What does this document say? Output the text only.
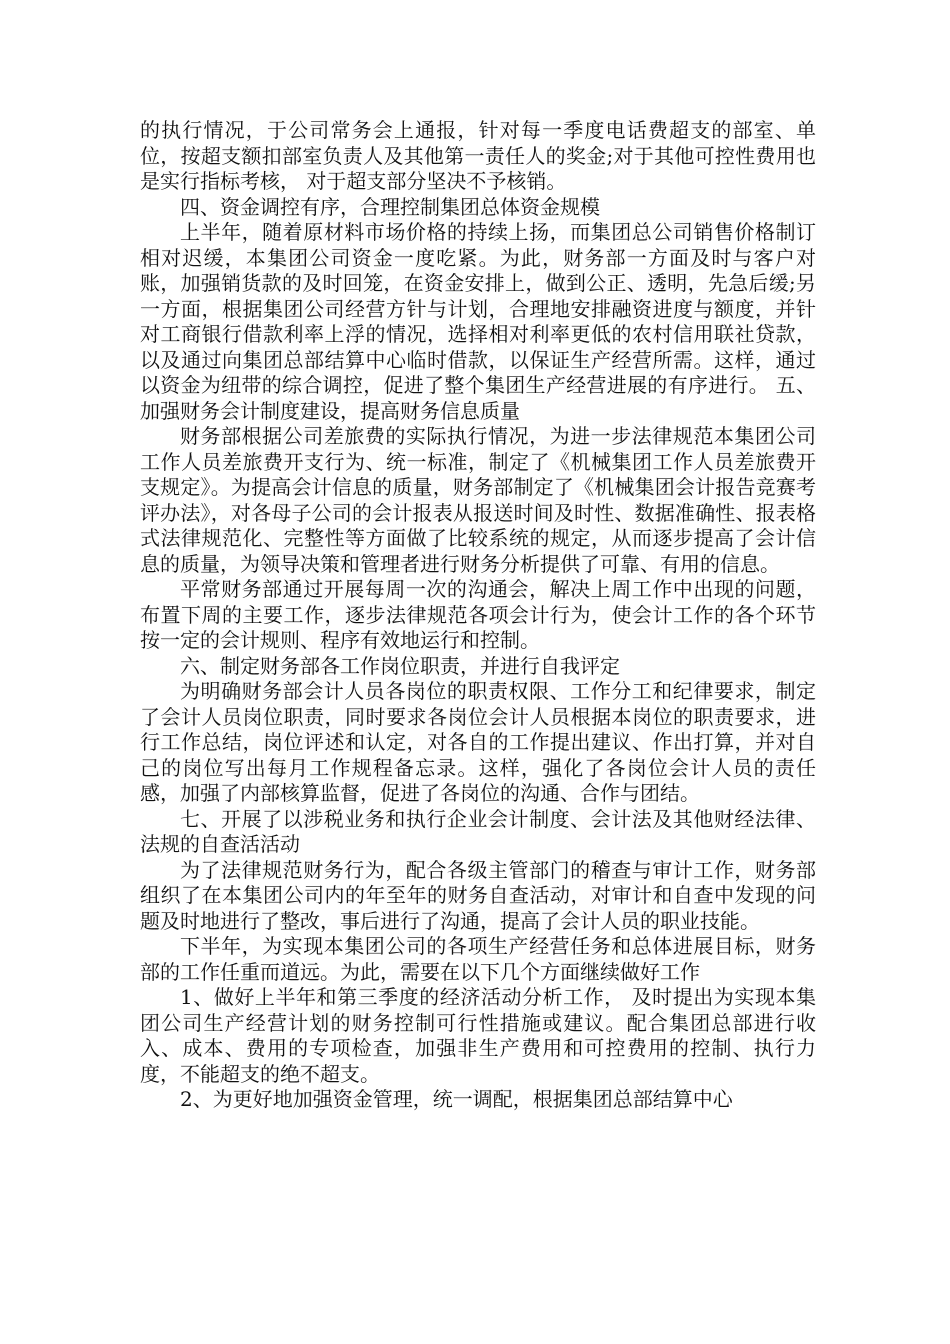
的执行情况，于公司常务会上通报，针对每一季度电话费超支的部室、单位，按超支额扣部室负责人及其他第一责任人的奖金;对于其他可控性费用也是实行指标考核， 对于超支部分坚决不予核销。

四、资金调控有序，合理控制集团总体资金规模

上半年，随着原材料市场价格的持续上扬，而集团总公司销售价格制订相对迟缓，本集团公司资金一度吃紧。为此，财务部一方面及时与客户对账，加强销货款的及时回笼，在资金安排上，做到公正、透明，先急后缓;另一方面，根据集团公司经营方针与计划，合理地安排融资进度与额度，并针对工商银行借款利率上浮的情况，选择相对利率更低的农村信用联社贷款，以及通过向集团总部结算中心临时借款，以保证生产经营所需。这样，通过以资金为纽带的综合调控，促进了整个集团生产经营进展的有序进行。 五、加强财务会计制度建设，提高财务信息质量

财务部根据公司差旅费的实际执行情况，为进一步法律规范本集团公司工作人员差旅费开支行为、统一标准，制定了《机械集团工作人员差旅费开支规定》。为提高会计信息的质量，财务部制定了《机械集团会计报告竞赛考评办法》，对各母子公司的会计报表从报送时间及时性、数据准确性、报表格式法律规范化、完整性等方面做了比较系统的规定，从而逐步提高了会计信息的质量，为领导决策和管理者进行财务分析提供了可靠、有用的信息。

平常财务部通过开展每周一次的沟通会，解决上周工作中出现的问题，布置下周的主要工作，逐步法律规范各项会计行为，使会计工作的各个环节按一定的会计规则、程序有效地运行和控制。

六、制定财务部各工作岗位职责，并进行自我评定

为明确财务部会计人员各岗位的职责权限、工作分工和纪律要求，制定了会计人员岗位职责，同时要求各岗位会计人员根据本岗位的职责要求，进行工作总结，岗位评述和认定，对各自的工作提出建议、作出打算，并对自己的岗位写出每月工作规程备忘录。这样，强化了各岗位会计人员的责任感，加强了内部核算监督，促进了各岗位的沟通、合作与团结。

七、开展了以涉税业务和执行企业会计制度、会计法及其他财经法律、法规的自查活活动

为了法律规范财务行为，配合各级主管部门的稽查与审计工作，财务部组织了在本集团公司内的年至年的财务自查活动，对审计和自查中发现的问题及时地进行了整改，事后进行了沟通，提高了会计人员的职业技能。

下半年，为实现本集团公司的各项生产经营任务和总体进展目标，财务部的工作任重而道远。为此，需要在以下几个方面继续做好工作

1、做好上半年和第三季度的经济活动分析工作， 及时提出为实现本集团公司生产经营计划的财务控制可行性措施或建议。配合集团总部进行收入、成本、费用的专项检查，加强非生产费用和可控费用的控制、执行力度，不能超支的绝不超支。

2、为更好地加强资金管理，统一调配，根据集团总部结算中心
